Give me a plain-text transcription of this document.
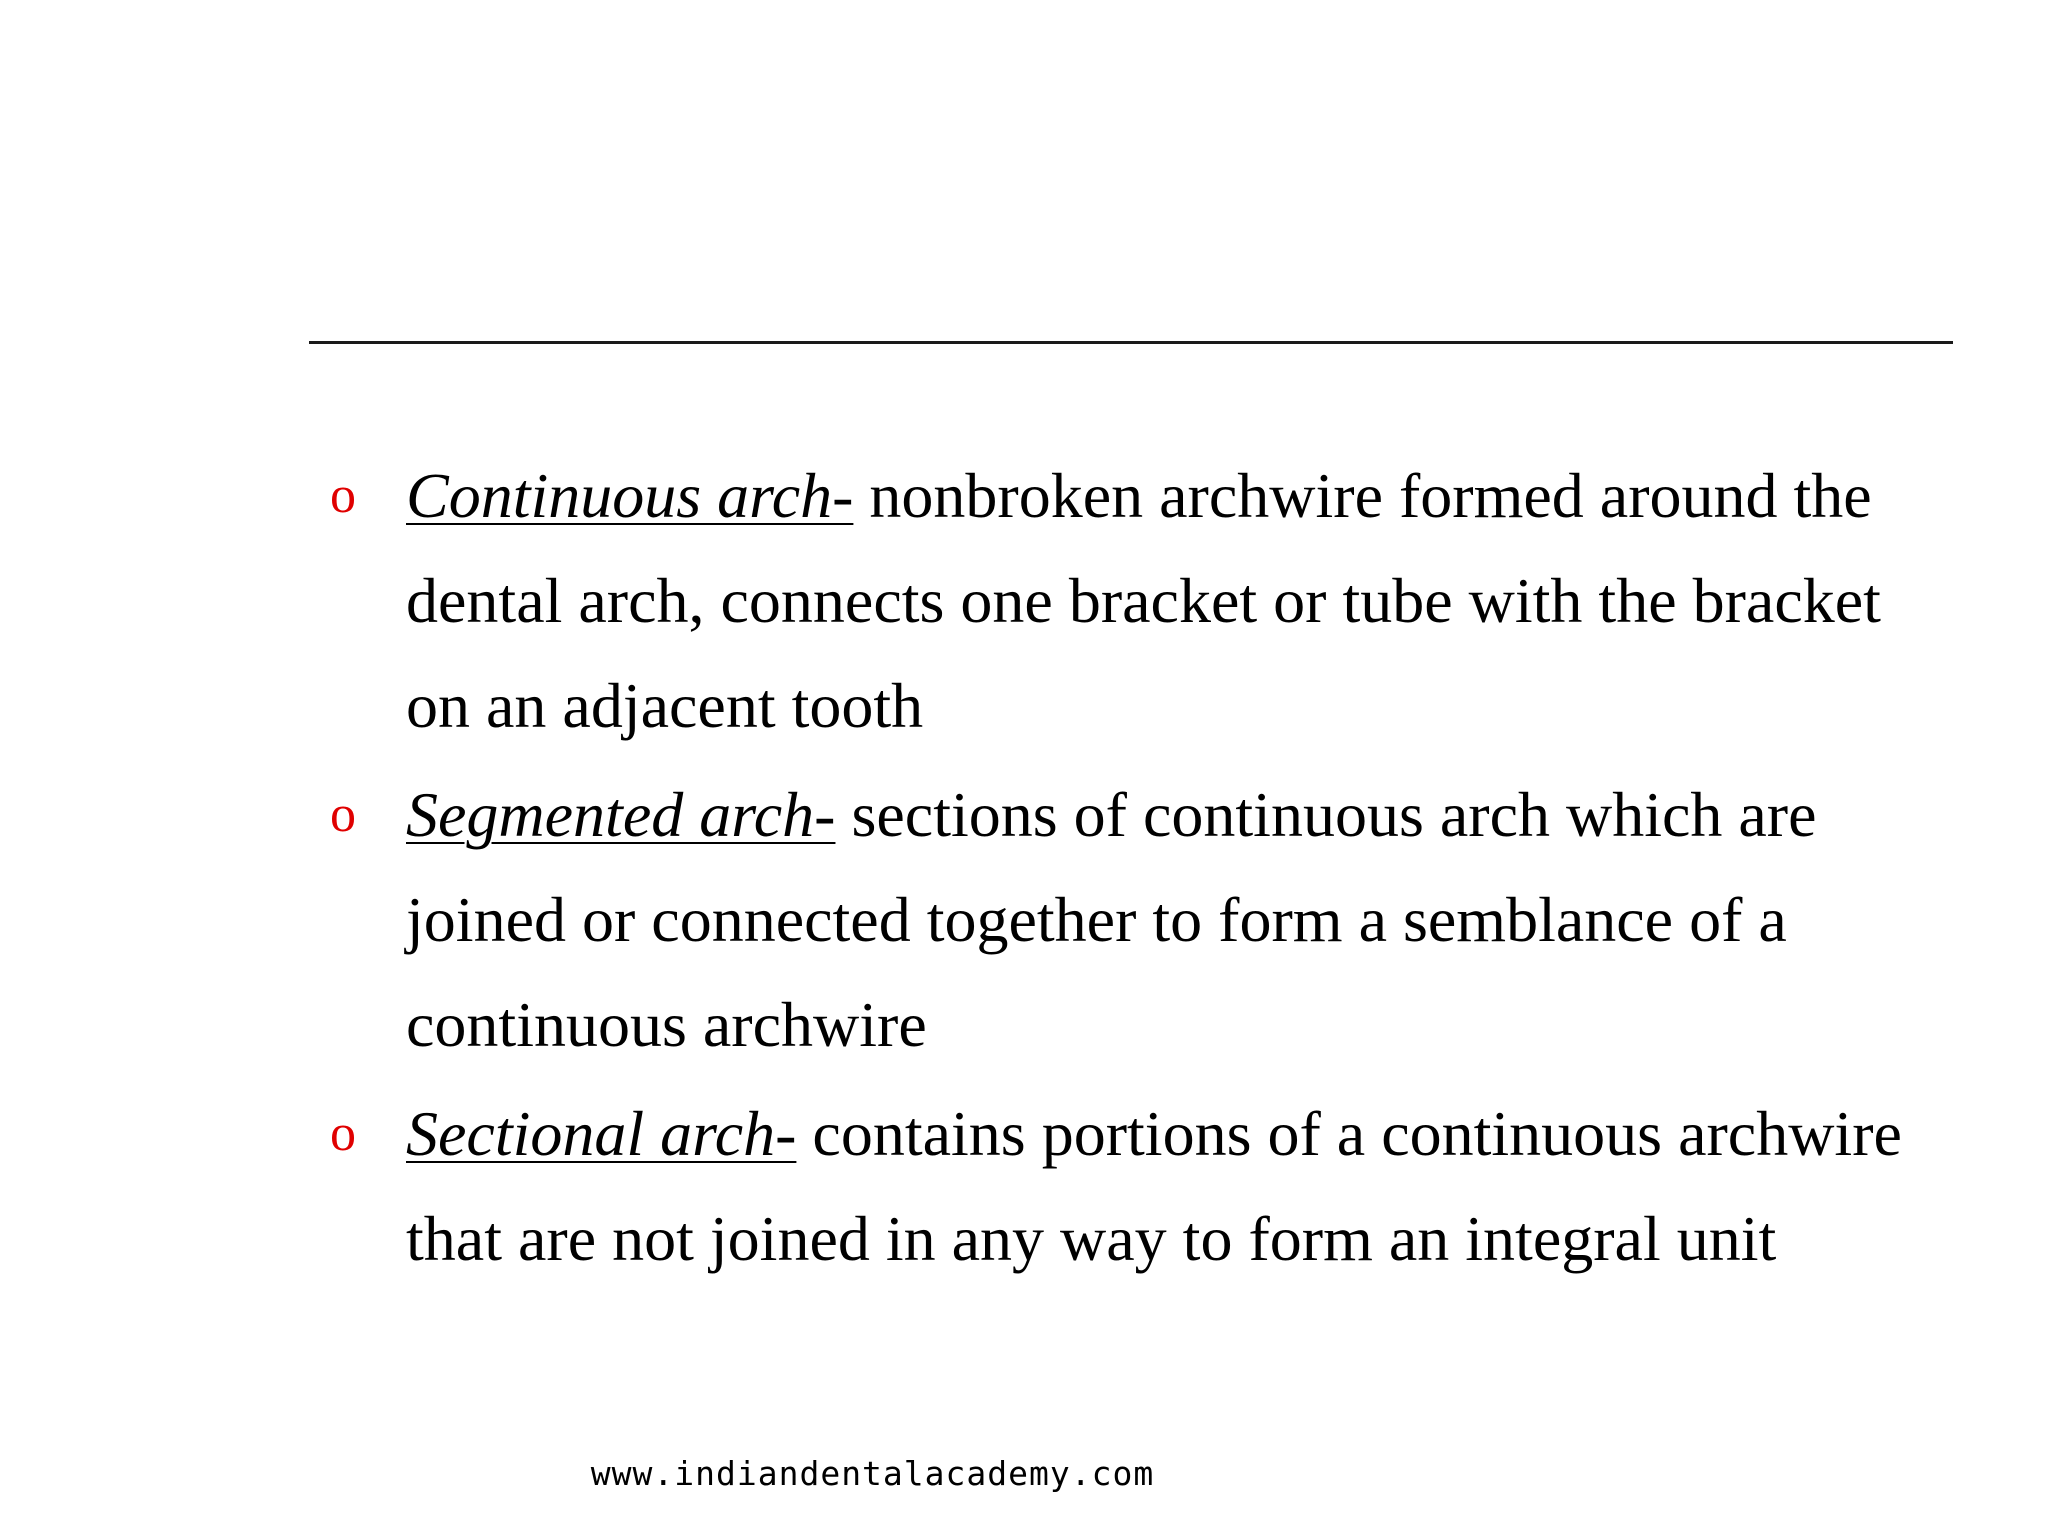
o Continuous arch- nonbroken archwire formed around the dental arch, connects one bracket or tube with the bracket on an adjacent tooth
o Segmented arch- sections of continuous arch which are joined or connected together to form a semblance of a continuous archwire
o Sectional arch- contains portions of a continuous archwire that are not joined in any way to form an integral unit
www.indiandentalacademy.com
